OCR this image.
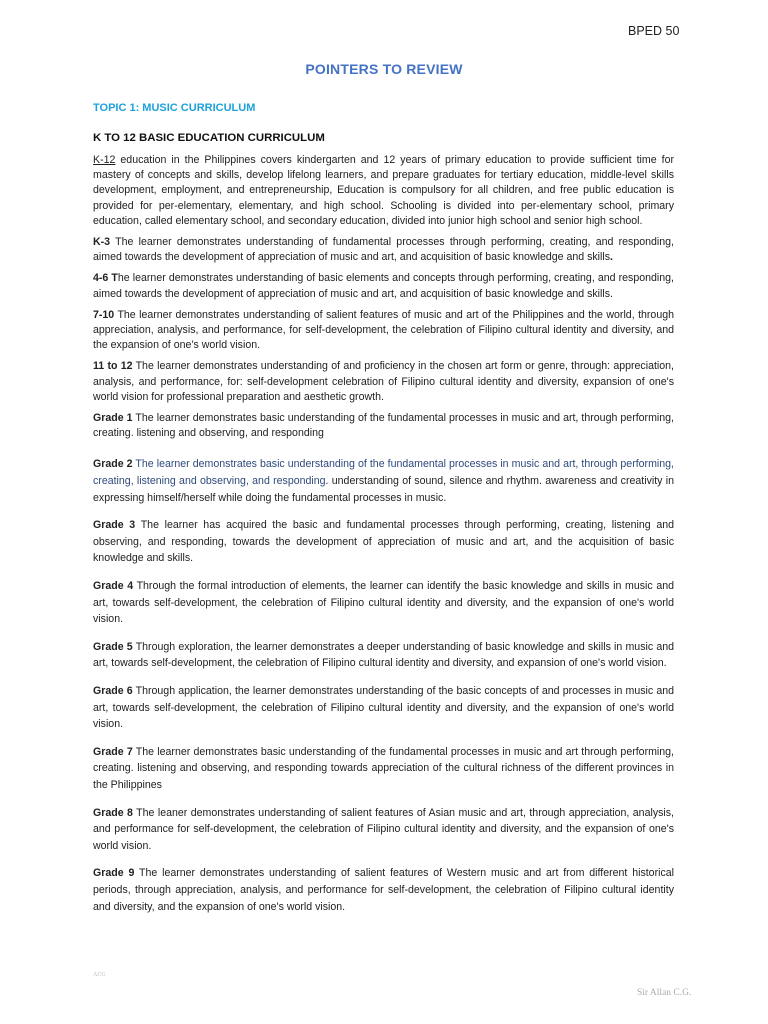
BPED 50
POINTERS TO REVIEW
TOPIC 1: MUSIC CURRICULUM
K TO 12 BASIC EDUCATION CURRICULUM

K-12 education in the Philippines covers kindergarten and 12 years of primary education to provide sufficient time for mastery of concepts and skills, develop lifelong learners, and prepare graduates for tertiary education, middle-level skills development, employment, and entrepreneurship, Education is compulsory for all children, and free public education is provided for per-elementary, elementary, and high school. Schooling is divided into per-elementary school, primary education, called elementary school, and secondary education, divided into junior high school and senior high school.

K-3 The learner demonstrates understanding of fundamental processes through performing, creating, and responding, aimed towards the development of appreciation of music and art, and acquisition of basic knowledge and skills.

4-6 The learner demonstrates understanding of basic elements and concepts through performing, creating, and responding, aimed towards the development of appreciation of music and art, and acquisition of basic knowledge and skills.

7-10 The learner demonstrates understanding of salient features of music and art of the Philippines and the world, through appreciation, analysis, and performance, for self-development, the celebration of Filipino cultural identity and diversity, and the expansion of one’s world vision.

11 to 12 The learner demonstrates understanding of and proficiency in the chosen art form or genre, through: appreciation, analysis, and performance, for: self-development celebration of Filipino cultural identity and diversity, expansion of one's world vision for professional preparation and aesthetic growth.

Grade 1 The learner demonstrates basic understanding of the fundamental processes in music and art, through performing, creating. listening and observing, and responding

Grade 2 The learner demonstrates basic understanding of the fundamental processes in music and art, through performing, creating, listening and observing, and responding. understanding of sound, silence and rhythm. awareness and creativity in expressing himself/herself while doing the fundamental processes in music.

Grade 3 The learner has acquired the basic and fundamental processes through performing, creating, listening and observing, and responding, towards the development of appreciation of music and art, and the acquisition of basic knowledge and skills.

Grade 4 Through the formal introduction of elements, the learner can identify the basic knowledge and skills in music and art, towards self-development, the celebration of Filipino cultural identity and diversity, and the expansion of one's world vision.

Grade 5 Through exploration, the learner demonstrates a deeper understanding of basic knowledge and skills in music and art, towards self-development, the celebration of Filipino cultural identity and diversity, and expansion of one's world vision.

Grade 6 Through application, the learner demonstrates understanding of the basic concepts of and processes in music and art, towards self-development, the celebration of Filipino cultural identity and diversity, and the expansion of one's world vision.

Grade 7 The learner demonstrates basic understanding of the fundamental processes in music and art through performing, creating. listening and observing, and responding towards appreciation of the cultural richness of the different provinces in the Philippines

Grade 8 The leaner demonstrates understanding of salient features of Asian music and art, through appreciation, analysis, and performance for self-development, the celebration of Filipino cultural identity and diversity, and the expansion of one's world vision.

Grade 9 The learner demonstrates understanding of salient features of Western music and art from different historical periods, through appreciation, analysis, and performance for self-development, the celebration of Filipino cultural identity and diversity, and the expansion of one's world vision.

ACG
Sir Allan C.G.
